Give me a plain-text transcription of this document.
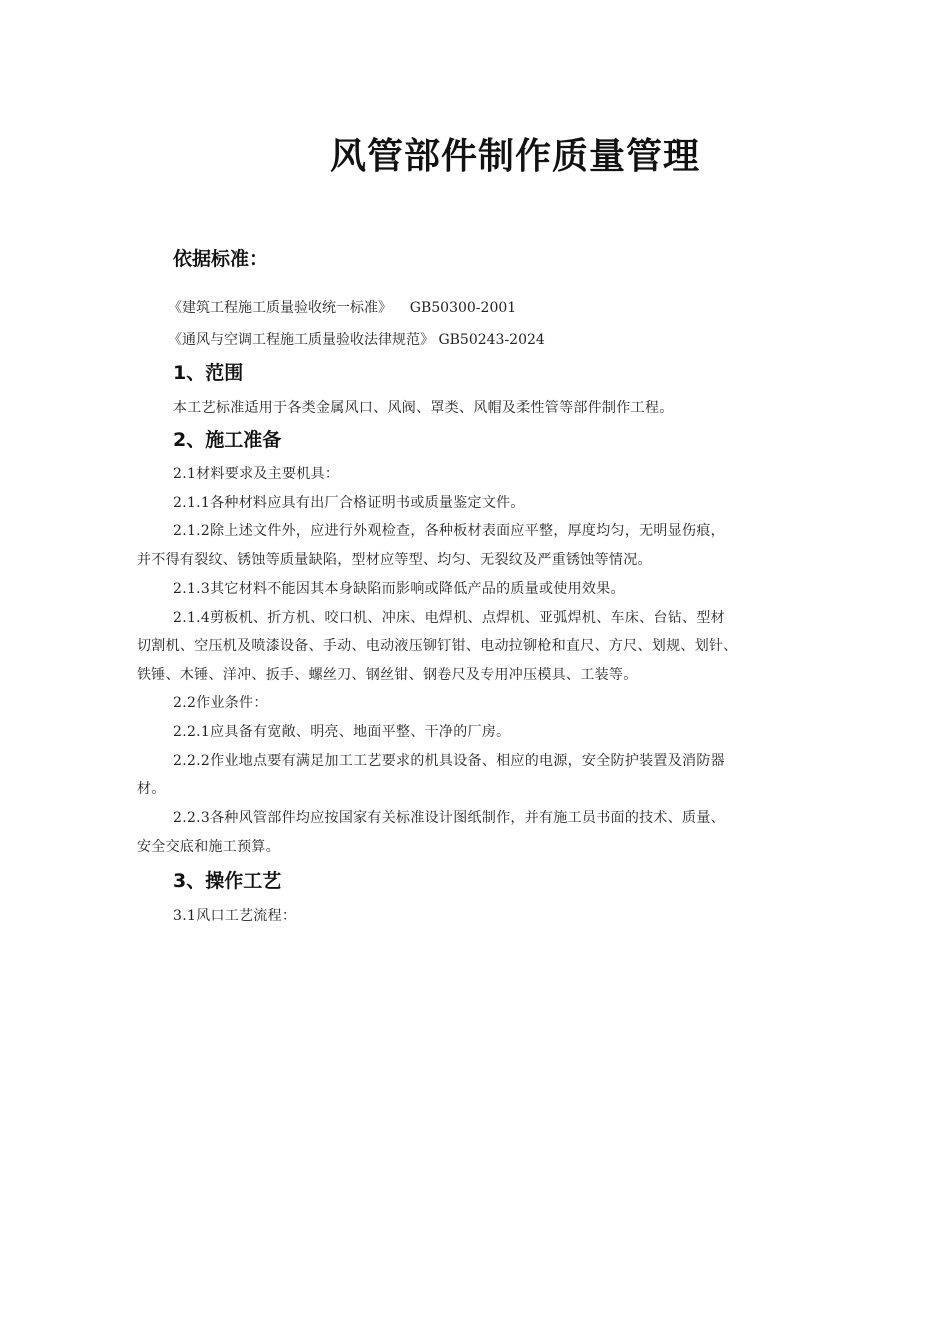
风管部件制作质量管理
依据标准：
《建筑工程施工质量验收统一标准》    GB50300-2001
《通风与空调工程施工质量验收法律规范》 GB50243-2024
1、范围
本工艺标准适用于各类金属风口、风阀、罩类、风帽及柔性管等部件制作工程。
2、施工准备
2.1材料要求及主要机具：
2.1.1各种材料应具有出厂合格证明书或质量鉴定文件。
2.1.2除上述文件外，应进行外观检查，各种板材表面应平整，厚度均匀，无明显伤痕，
并不得有裂纹、锈蚀等质量缺陷，型材应等型、均匀、无裂纹及严重锈蚀等情况。
2.1.3其它材料不能因其本身缺陷而影响或降低产品的质量或使用效果。
2.1.4剪板机、折方机、咬口机、冲床、电焊机、点焊机、亚弧焊机、车床、台钻、型材
切割机、空压机及喷漆设备、手动、电动液压铆钉钳、电动拉铆枪和直尺、方尺、划规、划针、
铁锤、木锤、洋冲、扳手、螺丝刀、钢丝钳、钢卷尺及专用冲压模具、工装等。
2.2作业条件：
2.2.1应具备有宽敞、明亮、地面平整、干净的厂房。
2.2.2作业地点要有满足加工工艺要求的机具设备、相应的电源，安全防护装置及消防器
材。
2.2.3各种风管部件均应按国家有关标准设计图纸制作，并有施工员书面的技术、质量、
安全交底和施工预算。
3、操作工艺
3.1风口工艺流程：
